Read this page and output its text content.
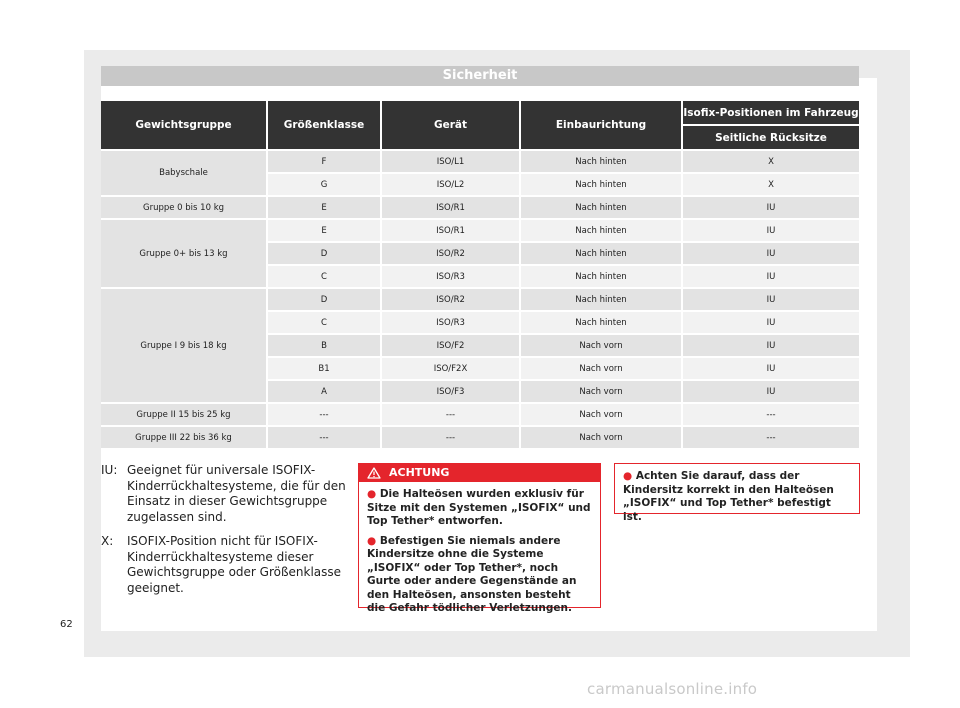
Sicherheit
Gewichtsgruppe	Größenklasse	Gerät	Einbaurichtung	Isofix-Positionen im Fahrzeug
				Seitliche Rücksitze
Babyschale	F	ISO/L1	Nach hinten	X
	G	ISO/L2	Nach hinten	X
Gruppe 0 bis 10 kg	E	ISO/R1	Nach hinten	IU
Gruppe 0+ bis 13 kg	E	ISO/R1	Nach hinten	IU
	D	ISO/R2	Nach hinten	IU
	C	ISO/R3	Nach hinten	IU
Gruppe I 9 bis 18 kg	D	ISO/R2	Nach hinten	IU
	C	ISO/R3	Nach hinten	IU
	B	ISO/F2	Nach vorn	IU
	B1	ISO/F2X	Nach vorn	IU
	A	ISO/F3	Nach vorn	IU
Gruppe II 15 bis 25 kg	---	---	Nach vorn	---
Gruppe III 22 bis 36 kg	---	---	Nach vorn	---
IU: Geeignet für universale ISOFIX-Kinderrückhaltesysteme, die für den Einsatz in dieser Gewichtsgruppe zugelassen sind.
X:	ISOFIX-Position nicht für ISOFIX-Kinderrückhaltesysteme dieser Gewichtsgruppe oder Größenklasse geeignet.
ACHTUNG

● Die Halteösen wurden exklusiv für Sitze mit den Systemen „ISOFIX“ und Top Tether* entworfen.

● Befestigen Sie niemals andere Kindersitze ohne die Systeme „ISOFIX“ oder Top Tether*, noch Gurte oder andere Gegenstände an den Halteösen, ansonsten besteht die Gefahr tödlicher Verletzungen.

● Achten Sie darauf, dass der Kindersitz korrekt in den Halteösen „ISOFIX“ und Top Tether* befestigt ist.
62
carmanualsonline.info
